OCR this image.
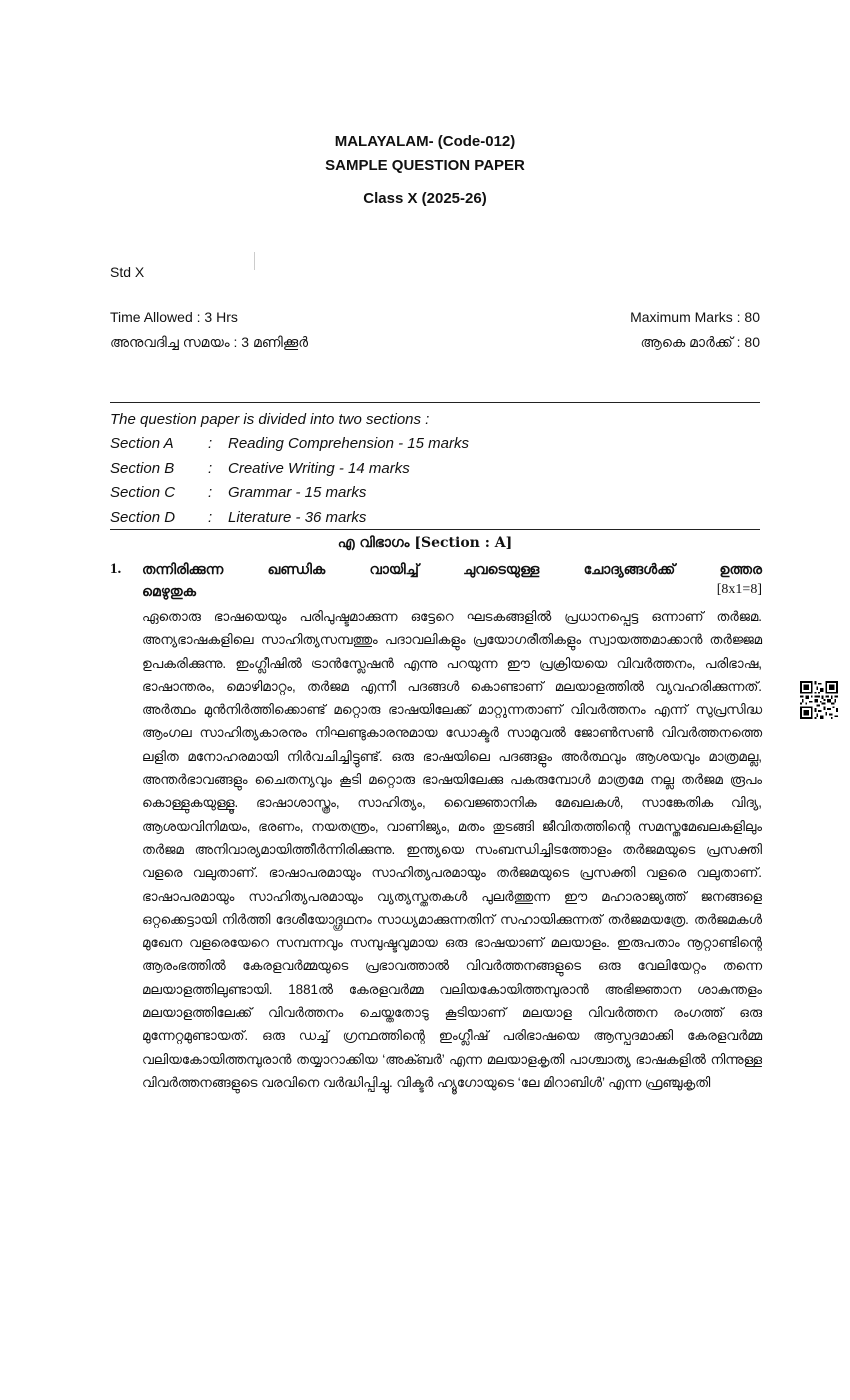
MALAYALAM- (Code-012)
SAMPLE QUESTION PAPER
Class X (2025-26)
Std X
Time Allowed : 3 Hrs	Maximum Marks : 80
അനുവദിച്ച സമയം : 3 മണിക്കൂർ	ആകെ മാർക്ക് : 80
The question paper is divided into two sections :
Section A	:	Reading Comprehension - 15 marks
Section B	:	Creative Writing - 14 marks
Section C	:	Grammar - 15 marks
Section D	:	Literature - 36 marks
എ വിഭാഗം [Section : A]
1. തന്നിരിക്കുന്ന ഖണ്ഡിക വായിച്ച് ചുവടെയുള്ള ചോദ്യങ്ങൾക്ക് ഉത്തര
മെഴുതുക	[8x1=8]
ഏതൊരു ഭാഷയെയും പരിപുഷ്ടമാക്കുന്ന ഒട്ടേറെ ഘടകങ്ങളിൽ പ്രധാനപ്പെട്ട ഒന്നാണ് തർജമ. അന്യഭാഷകളിലെ സാഹിത്യസമ്പത്തും പദാവലികളും പ്രയോഗരീതികളും സ്വായത്തമാക്കാൻ തർജ്ജമ ഉപകരിക്കുന്നു. ഇംഗ്ലീഷിൽ ട്രാൻസ്ലേഷൻ എന്നു പറയുന്ന ഈ പ്രക്രിയയെ വിവർത്തനം, പരിഭാഷ, ഭാഷാന്തരം, മൊഴിമാറ്റം, തർജമ എന്നീ പദങ്ങൾ കൊണ്ടാണ് മലയാളത്തിൽ വ്യവഹരിക്കുന്നത്. അർത്ഥം മുൻനിർത്തിക്കൊണ്ട് മറ്റൊരു ഭാഷയിലേക്ക് മാറ്റുന്നതാണ് വിവർത്തനം എന്ന് സുപ്രസിദ്ധ ആംഗല സാഹിത്യകാരനും നിഘണ്ടുകാരനുമായ ഡോക്ടർ സാമുവൽ ജോൺസൺ വിവർത്തനത്തെ ലളിത മനോഹരമായി നിർവചിച്ചിട്ടുണ്ട്. ഒരു ഭാഷയിലെ പദങ്ങളും അർത്ഥവും ആശയവും മാത്രമല്ല, അന്തർഭാവങ്ങളും ചൈതന്യവും കൂടി മറ്റൊരു ഭാഷയിലേക്കു പകരുമ്പോൾ മാത്രമേ നല്ല തർജമ രൂപം കൊള്ളുകയുള്ളൂ. ഭാഷാശാസ്ത്രം, സാഹിത്യം, വൈജ്ഞാനിക മേഖലകൾ, സാങ്കേതിക വിദ്യ, ആശയവിനിമയം, ഭരണം, നയതന്ത്രം, വാണിജ്യം, മതം തുടങ്ങി ജീവിതത്തിന്റെ സമസ്തമേഖലകളിലും തർജമ അനിവാര്യമായിത്തീർന്നിരിക്കുന്നു. ഇന്ത്യയെ സംബന്ധിച്ചിടത്തോളം തർജമയുടെ പ്രസക്തി വളരെ വലുതാണ്. ഭാഷാപരമായും സാഹിത്യപരമായും തർജമയുടെ പ്രസക്തി വളരെ വലുതാണ്. ഭാഷാപരമായും സാഹിത്യപരമായും വ്യത്യസ്തതകൾ പുലർത്തുന്ന ഈ മഹാരാജ്യത്ത് ജനങ്ങളെ ഒറ്റക്കെട്ടായി നിർത്തി ദേശീയോദ്ഗ്രഥനം സാധ്യമാക്കുന്നതിന് സഹായിക്കുന്നത് തർജമയത്രേ. തർജമകൾ മുഖേന വളരെയേറെ സമ്പന്നവും സമ്പുഷ്ടവുമായ ഒരു ഭാഷയാണ് മലയാളം. ഇരുപതാം നൂറ്റാണ്ടിന്റെ ആരംഭത്തിൽ കേരളവർമ്മയുടെ പ്രഭാവത്താൽ വിവർത്തനങ്ങളുടെ ഒരു വേലിയേറ്റം തന്നെ മലയാളത്തിലുണ്ടായി. 1881ൽ കേരളവർമ്മ വലിയകോയിത്തമ്പുരാൻ അഭിജ്ഞാന ശാകുന്തളം മലയാളത്തിലേക്ക് വിവർത്തനം ചെയ്തതോടു കൂടിയാണ് മലയാള വിവർത്തന രംഗത്ത് ഒരു മുന്നേറ്റമുണ്ടായത്. ഒരു ഡച്ച് ഗ്രന്ഥത്തിന്റെ ഇംഗ്ലീഷ് പരിഭാഷയെ ആസ്പദമാക്കി കേരളവർമ്മ വലിയകോയിത്തമ്പുരാൻ തയ്യാറാക്കിയ ‘അക്ബർ’ എന്ന മലയാളകൃതി പാശ്ചാത്യ ഭാഷകളിൽ നിന്നുള്ള വിവർത്തനങ്ങളുടെ വരവിനെ വർദ്ധിപ്പിച്ചു. വിക്ടർ ഹ്യൂഗോയുടെ ‘ലേ മിറാബിൾ’ എന്ന ഫ്രഞ്ചുകൃതി
